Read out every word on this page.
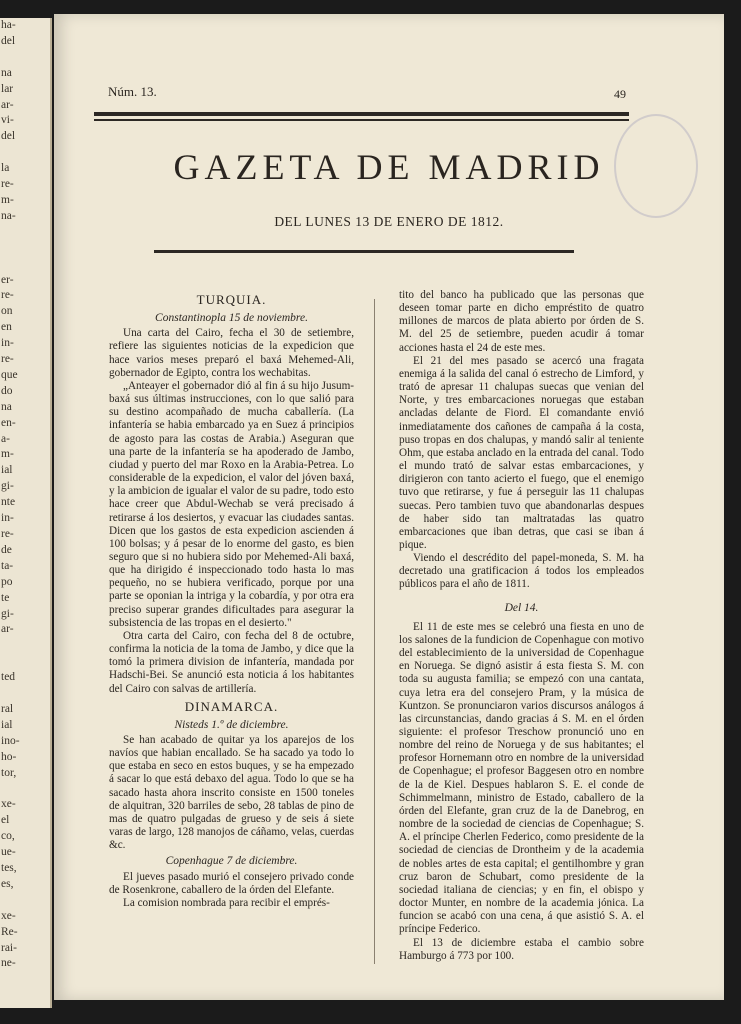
ha-
del

na
lar
ar-
vi-
del

la
re-
m-
na-

er-
re-
on
en
in-
re-
que
do
na
en-
a-
m-
ial
gi-
nte
in-
re-
de
ta-
po
te
gi-
ar-

ted

ral
ial
ino-
ho-
tor,

xe-
el
co,
ue-
tes,
es,

xe-
Re-
rai-
ne-
Núm. 13.	49
GAZETA DE MADRID
DEL LUNES 13 DE ENERO DE 1812.
TURQUIA.
Constantinopla 15 de noviembre.

Una carta del Cairo, fecha el 30 de setiembre, refiere las siguientes noticias de la expedicion que hace varios meses preparó el baxá Mehemed-Ali, gobernador de Egipto, contra los wechabitas.

„Anteayer el gobernador dió al fin á su hijo Jusum-baxá sus últimas instrucciones, con lo que salió para su destino acompañado de mucha caballería. (La infantería se habia embarcado ya en Suez á principios de agosto para las costas de Arabia.) Aseguran que una parte de la infantería se ha apoderado de Jambo, ciudad y puerto del mar Roxo en la Arabia-Petrea. Lo considerable de la expedicion, el valor del jóven baxá, y la ambicion de igualar el valor de su padre, todo esto hace creer que Abdul-Wechab se verá precisado á retirarse á los desiertos, y evacuar las ciudades santas. Dicen que los gastos de esta expedicion ascienden á 100 bolsas; y á pesar de lo enorme del gasto, es bien seguro que si no hubiera sido por Mehemed-Ali baxá, que ha dirigido é inspeccionado todo hasta lo mas pequeño, no se hubiera verificado, porque por una parte se oponian la intriga y la cobardía, y por otra era preciso superar grandes dificultades para asegurar la subsistencia de las tropas en el desierto."

Otra carta del Cairo, con fecha del 8 de octubre, confirma la noticia de la toma de Jambo, y dice que la tomó la primera division de infantería, mandada por Hadschi-Bei. Se anunció esta noticia á los habitantes del Cairo con salvas de artillería.

DINAMARCA.
Nisteds 1.º de diciembre.

Se han acabado de quitar ya los aparejos de los navíos que habian encallado. Se ha sacado ya todo lo que estaba en seco en estos buques, y se ha empezado á sacar lo que está debaxo del agua. Todo lo que se ha sacado hasta ahora inscrito consiste en 1500 toneles de alquitran, 320 barriles de sebo, 28 tablas de pino de mas de quatro pulgadas de grueso y de seis á siete varas de largo, 128 manojos de cáñamo, velas, cuerdas &c.

Copenhague 7 de diciembre.

El jueves pasado murió el consejero privado conde de Rosenkrone, caballero de la órden del Elefante.

La comision nombrada para recibir el emprés-

tito del banco ha publicado que las personas que deseen tomar parte en dicho empréstito de quatro millones de marcos de plata abierto por órden de S. M. del 25 de setiembre, pueden acudir á tomar acciones hasta el 24 de este mes.

El 21 del mes pasado se acercó una fragata enemiga á la salida del canal ó estrecho de Limford, y trató de apresar 11 chalupas suecas que venian del Norte, y tres embarcaciones noruegas que estaban ancladas delante de Fiord. El comandante envió inmediatamente dos cañones de campaña á la costa, puso tropas en dos chalupas, y mandó salir al teniente Ohm, que estaba anclado en la entrada del canal. Todo el mundo trató de salvar estas embarcaciones, y dirigieron con tanto acierto el fuego, que el enemigo tuvo que retirarse, y fue á perseguir las 11 chalupas suecas. Pero tambien tuvo que abandonarlas despues de haber sido tan maltratadas las quatro embarcaciones que iban detras, que casi se iban á pique.

Viendo el descrédito del papel-moneda, S. M. ha decretado una gratificacion á todos los empleados públicos para el año de 1811.

Del 14.

El 11 de este mes se celebró una fiesta en uno de los salones de la fundicion de Copenhague con motivo del establecimiento de la universidad de Copenhague en Noruega. Se dignó asistir á esta fiesta S. M. con toda su augusta familia; se empezó con una cantata, cuya letra era del consejero Pram, y la música de Kuntzon. Se pronunciaron varios discursos análogos á las circunstancias, dando gracias á S. M. en el órden siguiente: el profesor Treschow pronunció uno en nombre del reino de Noruega y de sus habitantes; el profesor Hornemann otro en nombre de la universidad de Copenhague; el profesor Baggesen otro en nombre de la de Kiel. Despues hablaron S. E. el conde de Schimmelmann, ministro de Estado, caballero de la órden del Elefante, gran cruz de la de Danebrog, en nombre de la sociedad de ciencias de Copenhague; S. A. el príncipe Cherlen Federico, como presidente de la sociedad de ciencias de Drontheim y de la academia de nobles artes de esta capital; el gentilhombre y gran cruz baron de Schubart, como presidente de la sociedad italiana de ciencias; y en fin, el obispo y doctor Munter, en nombre de la academia jónica. La funcion se acabó con una cena, á que asistió S. A. el príncipe Federico.

El 13 de diciembre estaba el cambio sobre Hamburgo á 773 por 100.
